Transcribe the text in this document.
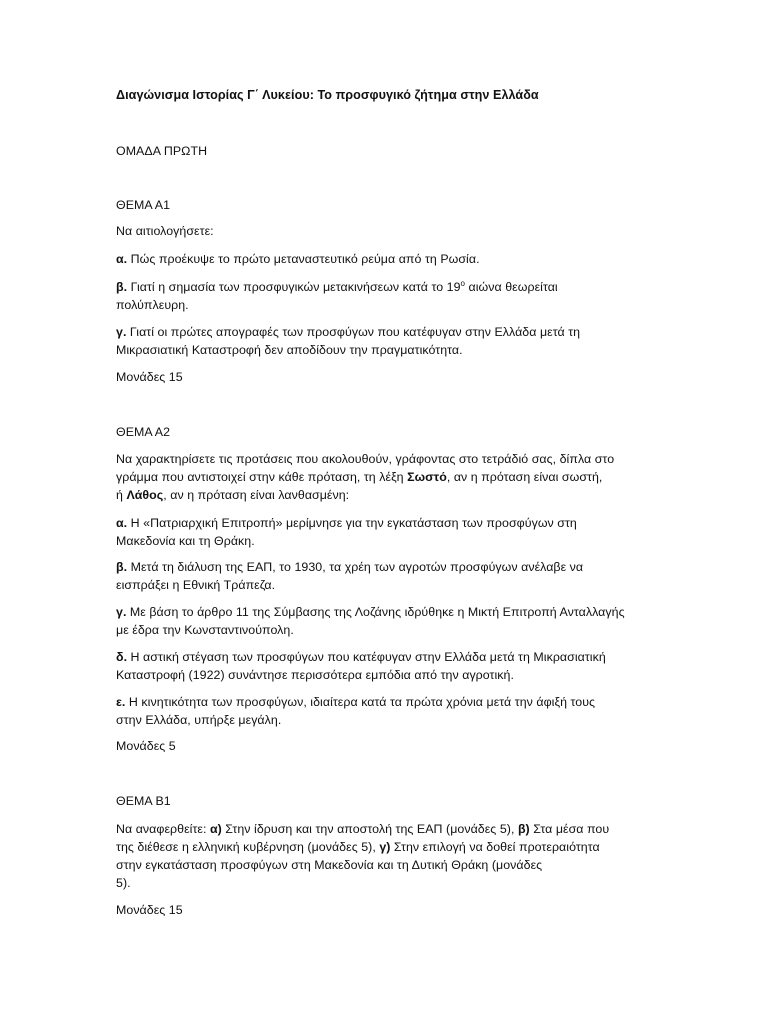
Διαγώνισμα Ιστορίας Γ΄ Λυκείου: Το προσφυγικό ζήτημα στην Ελλάδα
ΟΜΑΔΑ ΠΡΩΤΗ
ΘΕΜΑ Α1
Να αιτιολογήσετε:
α. Πώς προέκυψε το πρώτο μεταναστευτικό ρεύμα από τη Ρωσία.
β. Γιατί η σημασία των προσφυγικών μετακινήσεων κατά το $19^o$ αιώνα θεωρείται
πολύπλευρη.
γ. Γιατί οι πρώτες απογραφές των προσφύγων που κατέφυγαν στην Ελλάδα μετά τη
Μικρασιατική Καταστροφή δεν αποδίδουν την πραγματικότητα.
Μονάδες 15
ΘΕΜΑ Α2
Να χαρακτηρίσετε τις προτάσεις που ακολουθούν, γράφοντας στο τετράδιό σας, δίπλα στο
γράμμα που αντιστοιχεί στην κάθε πρόταση, τη λέξη Σωστό, αν η πρόταση είναι σωστή,
ή Λάθος, αν η πρόταση είναι λανθασμένη:
α. Η «Πατριαρχική Επιτροπή» μερίμνησε για την εγκατάσταση των προσφύγων στη
Μακεδονία και τη Θράκη.
β. Μετά τη διάλυση της ΕΑΠ, το 1930, τα χρέη των αγροτών προσφύγων ανέλαβε να
εισπράξει η Εθνική Τράπεζα.
γ. Με βάση το άρθρο 11 της Σύμβασης της Λοζάνης ιδρύθηκε η Μικτή Επιτροπή Ανταλλαγής
με έδρα την Κωνσταντινούπολη.
δ. Η αστική στέγαση των προσφύγων που κατέφυγαν στην Ελλάδα μετά τη Μικρασιατική
Καταστροφή (1922) συνάντησε περισσότερα εμπόδια από την αγροτική.
ε. Η κινητικότητα των προσφύγων, ιδιαίτερα κατά τα πρώτα χρόνια μετά την άφιξή τους
στην Ελλάδα, υπήρξε μεγάλη.
Μονάδες 5
ΘΕΜΑ Β1
Να αναφερθείτε: α) Στην ίδρυση και την αποστολή της ΕΑΠ (μονάδες 5), β) Στα μέσα που
της διέθεσε η ελληνική κυβέρνηση (μονάδες 5), γ) Στην επιλογή να δοθεί προτεραιότητα
στην εγκατάσταση προσφύγων στη Μακεδονία και τη Δυτική Θράκη (μονάδες
5).
Μονάδες 15
